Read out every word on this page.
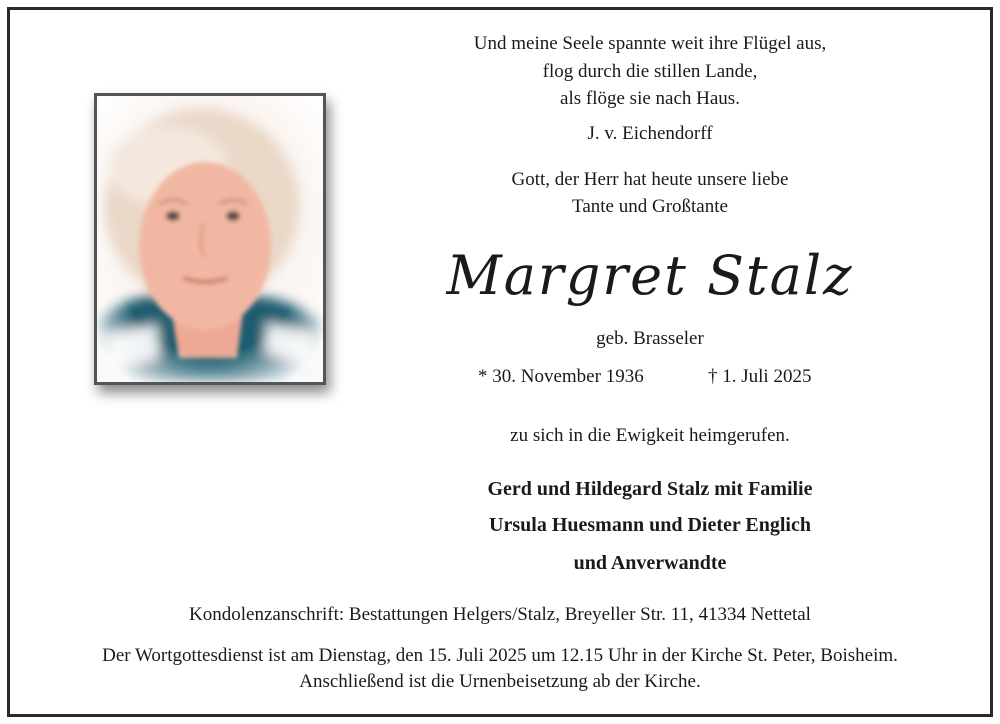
Und meine Seele spannte weit ihre Flügel aus,
flog durch die stillen Lande,
als flöge sie nach Haus.
J. v. Eichendorff
Gott, der Herr hat heute unsere liebe
Tante und Großtante
Margret Stalz
geb. Brasseler
* 30. November 1936	† 1. Juli 2025
zu sich in die Ewigkeit heimgerufen.
Gerd und Hildegard Stalz mit Familie
Ursula Huesmann und Dieter Englich
und Anverwandte
Kondolenzanschrift: Bestattungen Helgers/Stalz, Breyeller Str. 11, 41334 Nettetal
Der Wortgottesdienst ist am Dienstag, den 15. Juli 2025 um 12.15 Uhr in der Kirche St. Peter, Boisheim.
Anschließend ist die Urnenbeisetzung ab der Kirche.
